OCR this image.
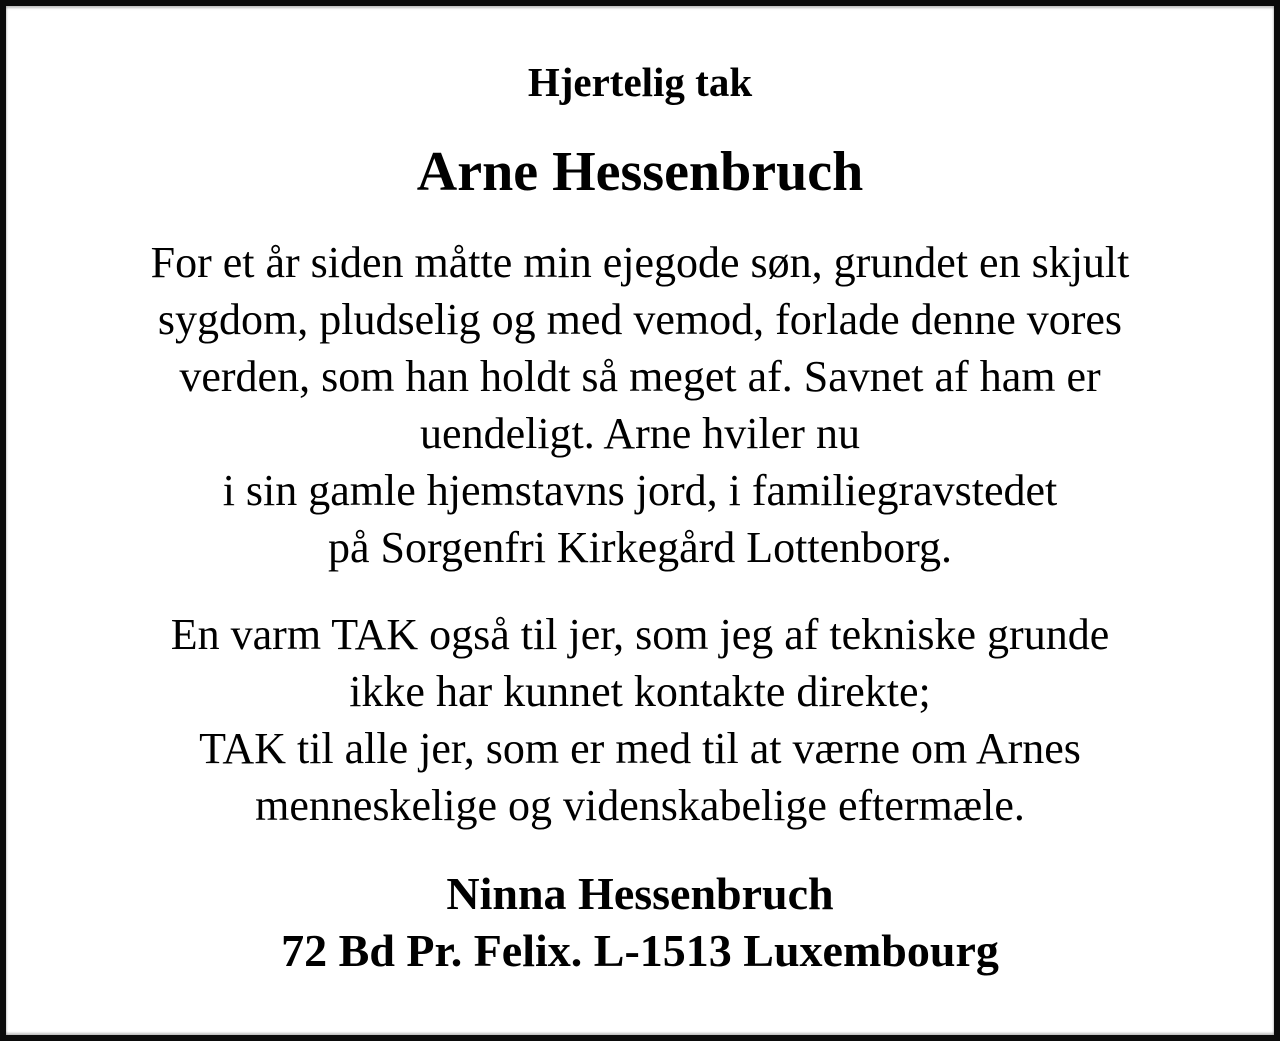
Hjertelig tak
Arne Hessenbruch
For et år siden måtte min ejegode søn, grundet en skjult
sygdom, pludselig og med vemod, forlade denne vores
verden, som han holdt så meget af. Savnet af ham er
uendeligt. Arne hviler nu
i sin gamle hjemstavns jord, i familiegravstedet
på Sorgenfri Kirkegård Lottenborg.
En varm TAK også til jer, som jeg af tekniske grunde
ikke har kunnet kontakte direkte;
TAK til alle jer, som er med til at værne om Arnes
menneskelige og videnskabelige eftermæle.
Ninna Hessenbruch
72 Bd Pr. Felix. L-1513 Luxembourg
